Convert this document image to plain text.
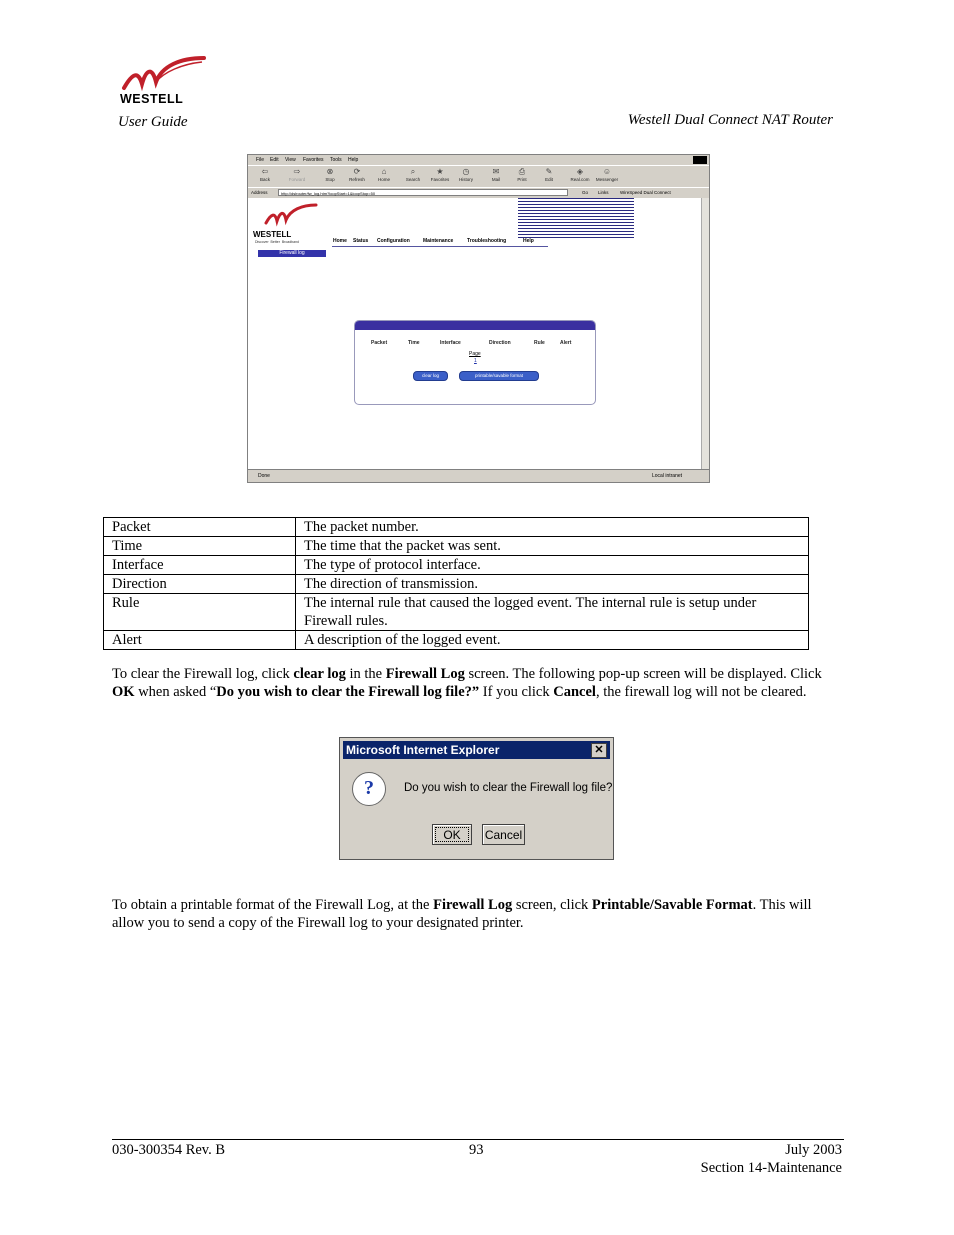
WESTELL
User Guide	Westell Dual Connect NAT Router
File Edit View Favorites Tools Help
⇦
Back
⇨
Forward
⊗
Stop
⟳
Refresh
⌂
Home
⌕
Search
★
Favorites
◷
History
✉
Mail
⎙
Print
✎
Edit
◈
Real.com
☺
Messenger
Address	http://dslrouter/fw_log.htm?loopStart=1&loopStop=50	Go Links	WireSpeed Dual Connect
WESTELL
Discover  Better  Broadband	Home Status Configuration	Maintenance	Troubleshooting	Help
Firewall log
Packet	Time	Interface	Direction	Rule	Alert
Page
1
clear log	printable/savable format
Done	Local intranet
Packet	The packet number.
Time	The time that the packet was sent.
Interface	The type of protocol interface.
Direction	The direction of transmission.
Rule	The internal rule that caused the logged event. The internal rule is setup under Firewall rules.
Alert	A description of the logged event.
To clear the Firewall log, click clear log in the Firewall Log screen. The following pop-up screen will be displayed. Click OK when asked “Do you wish to clear the Firewall log file?” If you click Cancel, the firewall log will not be cleared.
Microsoft Internet Explorer	✕
?	Do you wish to clear the Firewall log file?
OK	Cancel
To obtain a printable format of the Firewall Log, at the Firewall Log screen, click Printable/Savable Format. This will allow you to send a copy of the Firewall log to your designated printer.
030-300354 Rev. B	93	July 2003
Section 14-Maintenance
